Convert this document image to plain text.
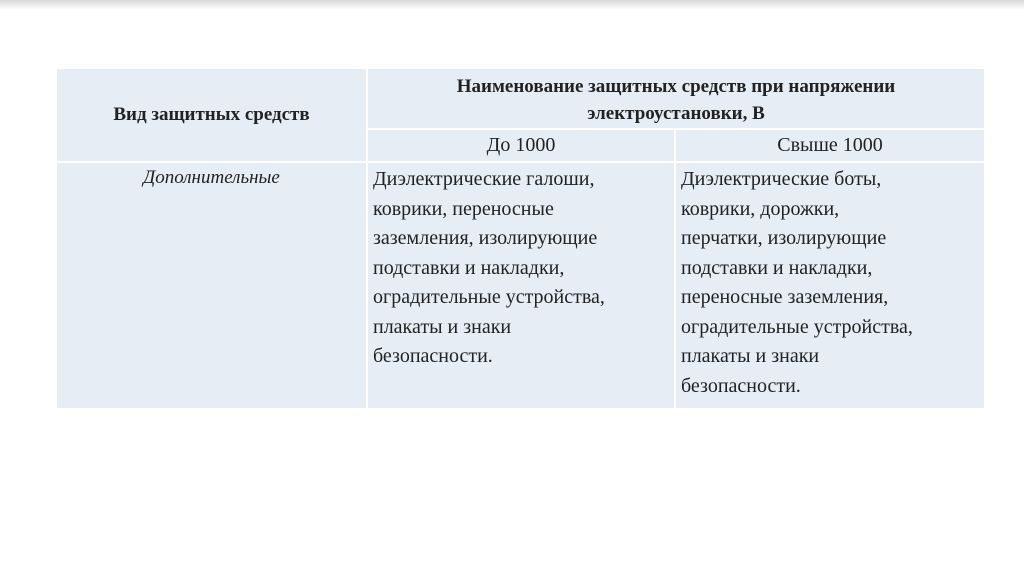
Вид защитных средств
Наименование защитных средств при напряжении электроустановки, В
До 1000	Свыше 1000
Дополнительные	Диэлектрические галоши,
коврики, переносные
заземления, изолирующие
подставки и накладки,
оградительные устройства,
плакаты и знаки
безопасности.
Диэлектрические боты,
коврики, дорожки,
перчатки, изолирующие
подставки и накладки,
переносные заземления,
оградительные устройства,
плакаты и знаки
безопасности.
